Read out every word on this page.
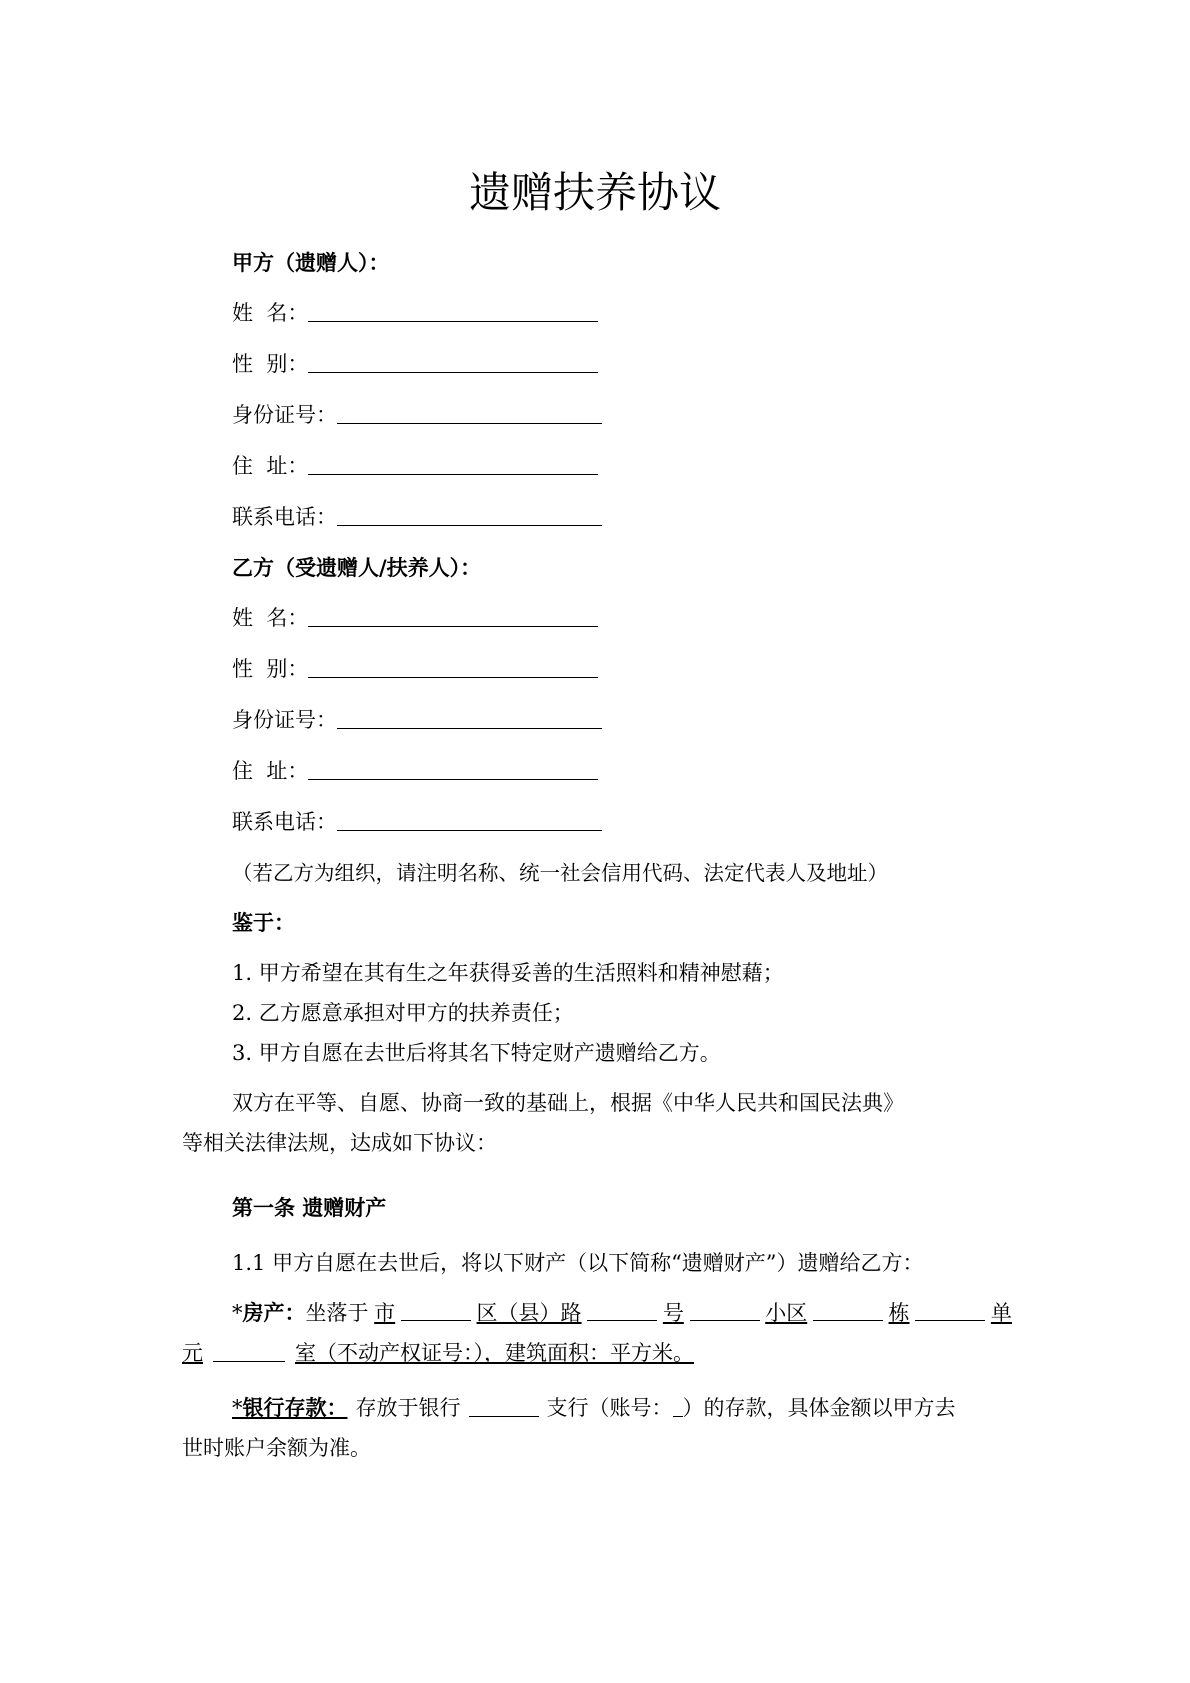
遗赠扶养协议
甲方（遗赠人）：
姓  名：
性  别：
身份证号：
住  址：
联系电话：
乙方（受遗赠人/扶养人）：
姓  名：
性  别：
身份证号：
住  址：
联系电话：
（若乙方为组织，请注明名称、统一社会信用代码、法定代表人及地址）
鉴于：
1. 甲方希望在其有生之年获得妥善的生活照料和精神慰藉；
2. 乙方愿意承担对甲方的扶养责任；
3. 甲方自愿在去世后将其名下特定财产遗赠给乙方。
双方在平等、自愿、协商一致的基础上，根据《中华人民共和国民法典》
等相关法律法规，达成如下协议：
第一条 遗赠财产
1.1 甲方自愿在去世后，将以下财产（以下简称“遗赠财产”）遗赠给乙方：
*房产：坐落于 市	区（县）路	号	小区	栋	单
元	室（不动产权证号：），建筑面积：平方米。
*银行存款： 存放于银行	支行（账号： ）的存款，具体金额以甲方去
世时账户余额为准。
